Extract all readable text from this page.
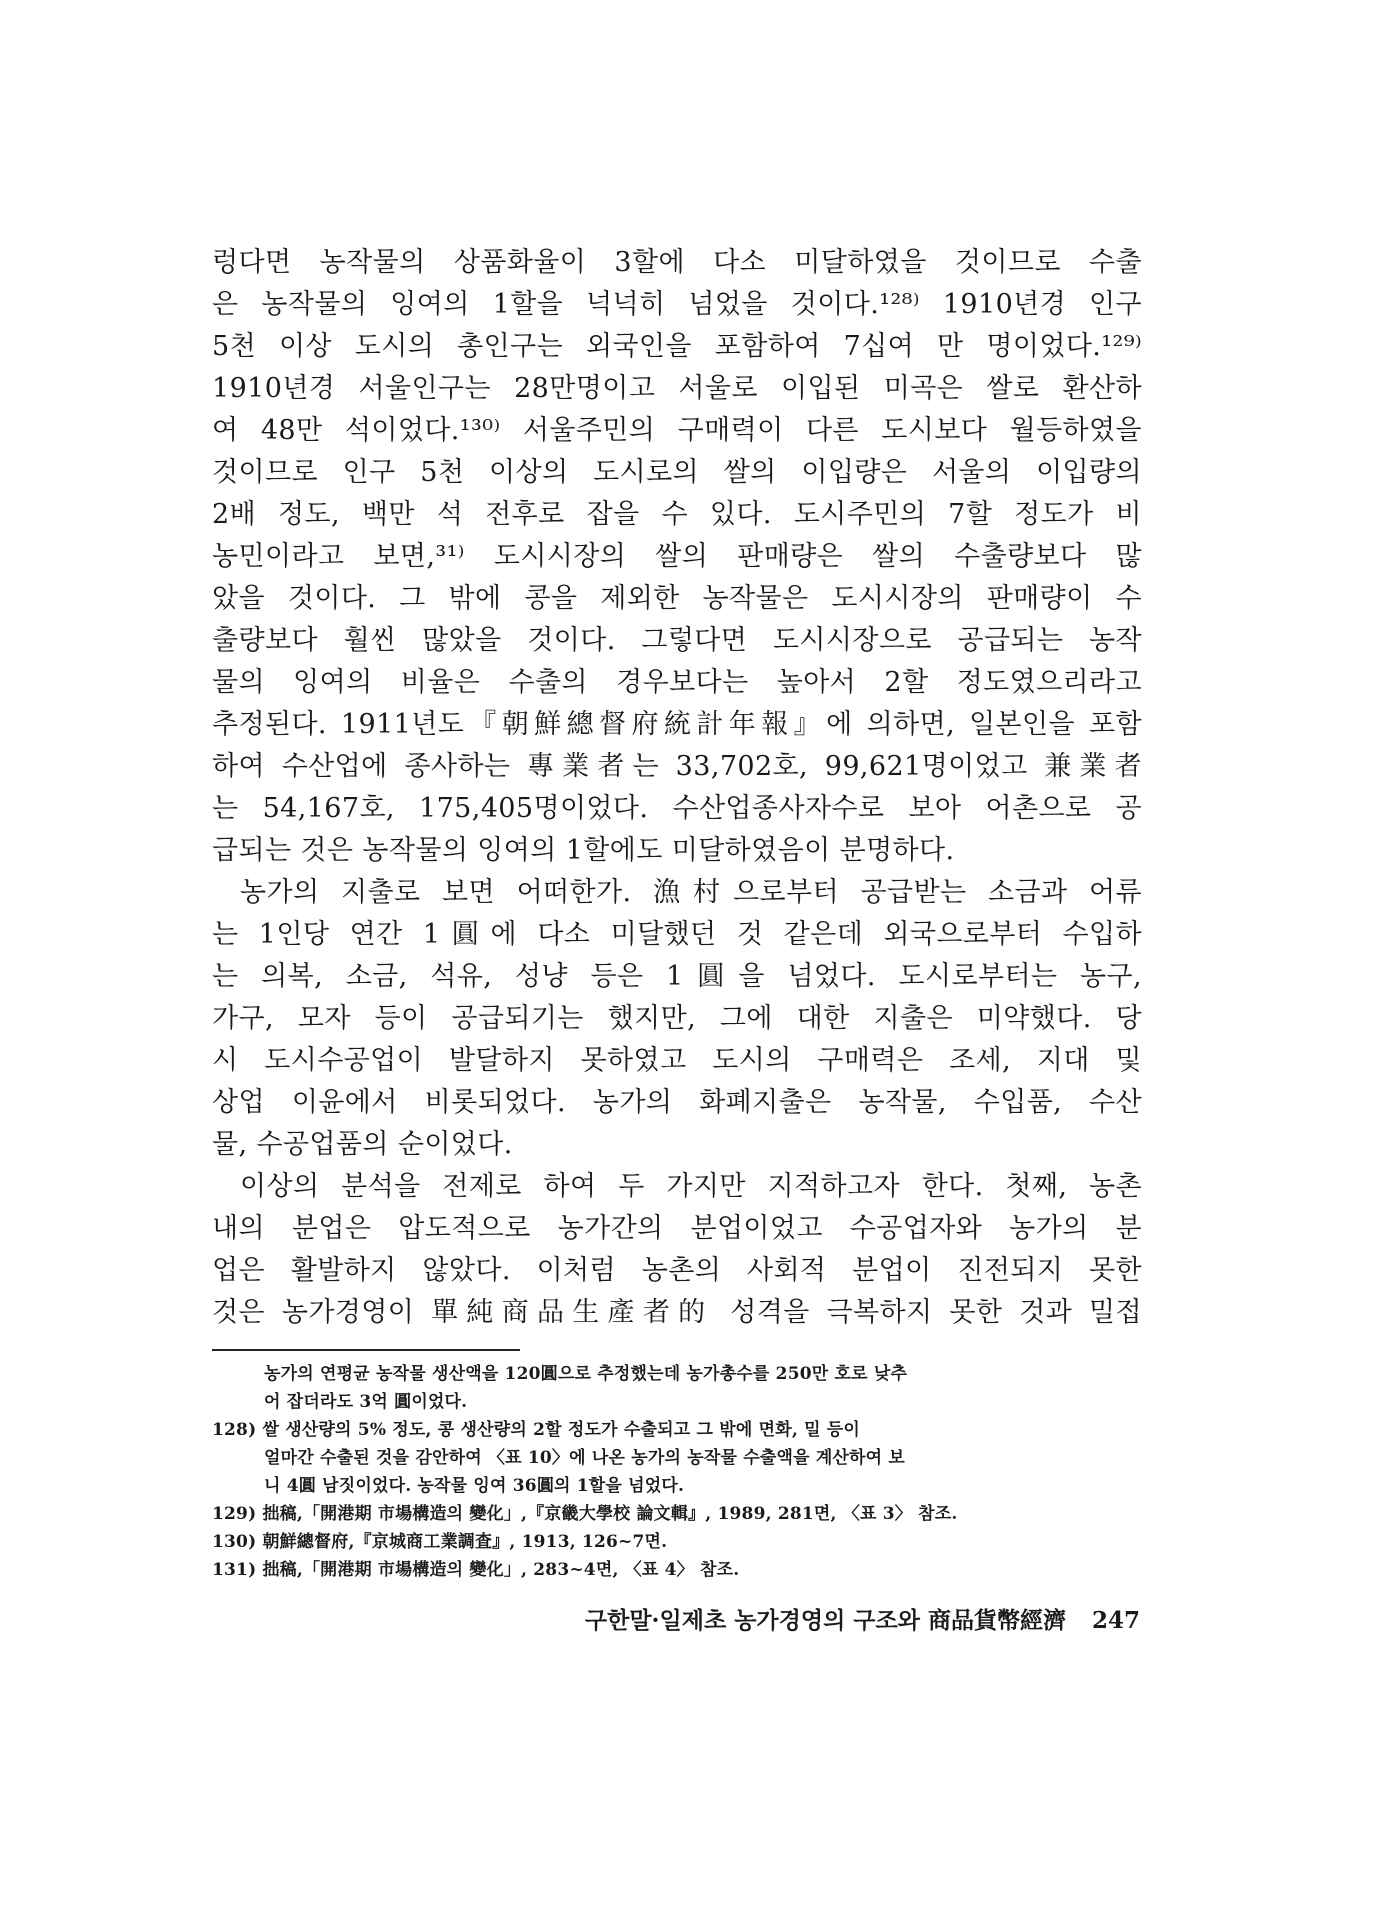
렁다면 농작물의 상품화율이 3할에 다소 미달하였을 것이므로 수출
은 농작물의 잉여의 1할을 넉넉히 넘었을 것이다.¹²⁸⁾ 1910년경 인구
5천 이상 도시의 총인구는 외국인을 포함하여 7십여 만 명이었다.¹²⁹⁾
1910년경 서울인구는 28만명이고 서울로 이입된 미곡은 쌀로 환산하
여 48만 석이었다.¹³⁰⁾ 서울주민의 구매력이 다른 도시보다 월등하였을
것이므로 인구 5천 이상의 도시로의 쌀의 이입량은 서울의 이입량의
2배 정도, 백만 석 전후로 잡을 수 있다. 도시주민의 7할 정도가 비
농민이라고 보면,³¹⁾ 도시시장의 쌀의 판매량은 쌀의 수출량보다 많
았을 것이다. 그 밖에 콩을 제외한 농작물은 도시시장의 판매량이 수
출량보다 훨씬 많았을 것이다. 그렇다면 도시시장으로 공급되는 농작
물의 잉여의 비율은 수출의 경우보다는 높아서 2할 정도였으리라고
추정된다. 1911년도『朝鮮總督府統計年報』에 의하면, 일본인을 포함
하여 수산업에 종사하는 專業者는 33,702호, 99,621명이었고 兼業者
는 54,167호, 175,405명이었다. 수산업종사자수로 보아 어촌으로 공
급되는 것은 농작물의 잉여의 1할에도 미달하였음이 분명하다.
농가의 지출로 보면 어떠한가. 漁村으로부터 공급받는 소금과 어류
는 1인당 연간 1圓에 다소 미달했던 것 같은데 외국으로부터 수입하
는 의복, 소금, 석유, 성냥 등은 1圓을 넘었다. 도시로부터는 농구,
가구, 모자 등이 공급되기는 했지만, 그에 대한 지출은 미약했다. 당
시 도시수공업이 발달하지 못하였고 도시의 구매력은 조세, 지대 및
상업 이윤에서 비롯되었다. 농가의 화폐지출은 농작물, 수입품, 수산
물, 수공업품의 순이었다.
이상의 분석을 전제로 하여 두 가지만 지적하고자 한다. 첫째, 농촌
내의 분업은 압도적으로 농가간의 분업이었고 수공업자와 농가의 분
업은 활발하지 않았다. 이처럼 농촌의 사회적 분업이 진전되지 못한
것은 농가경영이 單純商品生產者的 성격을 극복하지 못한 것과 밀접
농가의 연평균 농작물 생산액을 120圓으로 추정했는데 농가총수를 250만 호로 낮추
어 잡더라도 3억 圓이었다.
128) 쌀 생산량의 5% 정도, 콩 생산량의 2할 정도가 수출되고 그 밖에 면화, 밀 등이
얼마간 수출된 것을 감안하여 〈표 10〉에 나온 농가의 농작물 수출액을 계산하여 보
니 4圓 남짓이었다. 농작물 잉여 36圓의 1할을 넘었다.
129) 拙稿,「開港期 市場構造의 變化」,『京畿大學校 論文輯』, 1989, 281면, 〈표 3〉 참조.
130) 朝鮮總督府,『京城商工業調査』, 1913, 126~7면.
131) 拙稿,「開港期 市場構造의 變化」, 283~4면, 〈표 4〉 참조.
구한말·일제초 농가경영의 구조와 商品貨幣經濟 247
